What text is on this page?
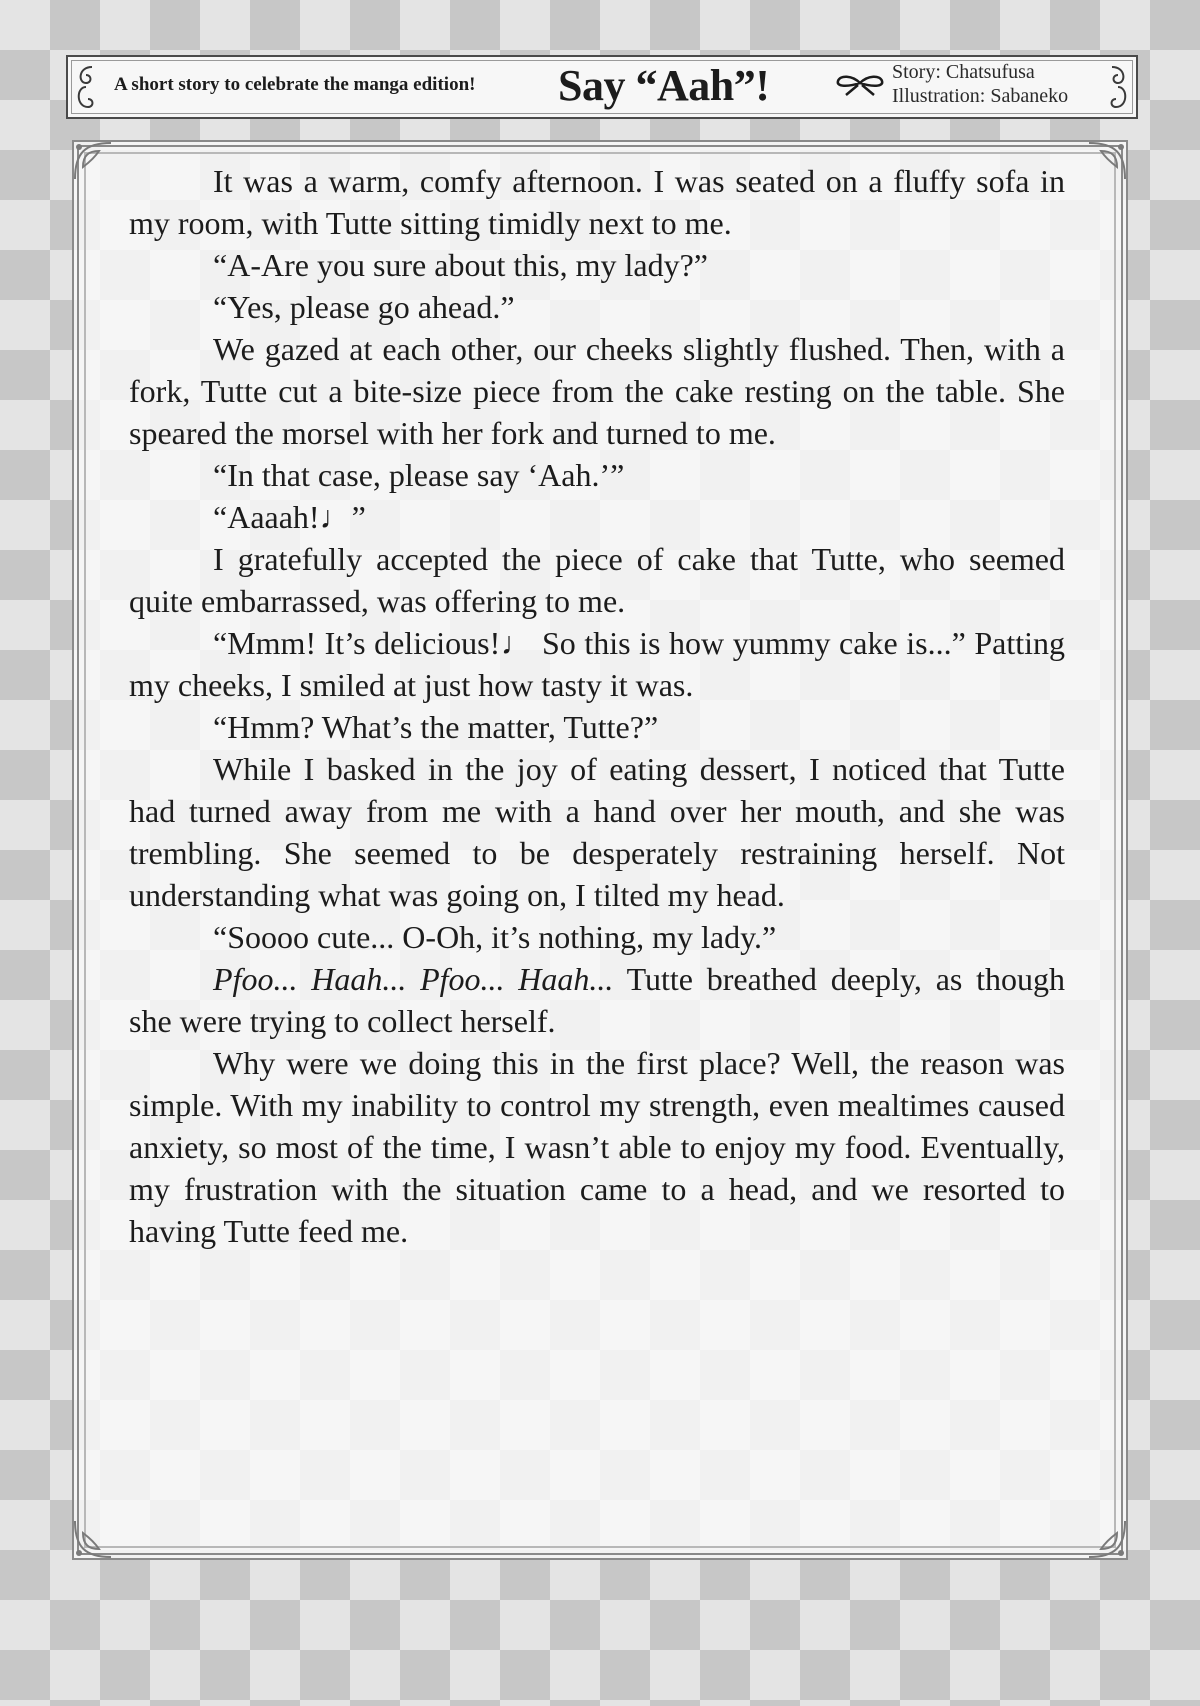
A short story to celebrate the manga edition! Say “Aah”!	Story: Chatsufusa
Illustration: Sabaneko

It was a warm, comfy afternoon. I was seated on a fluffy sofa in my room, with Tutte sitting timidly next to me.

“A-Are you sure about this, my lady?”

“Yes, please go ahead.”

We gazed at each other, our cheeks slightly flushed. Then, with a fork, Tutte cut a bite-size piece from the cake resting on the table. She speared the morsel with her fork and turned to me.

“In that case, please say ‘Aah.’”

“Aaaah!♩”

I gratefully accepted the piece of cake that Tutte, who seemed quite embarrassed, was offering to me.

“Mmm! It’s delicious!♩ So this is how yummy cake is...” Patting my cheeks, I smiled at just how tasty it was.

“Hmm? What’s the matter, Tutte?”

While I basked in the joy of eating dessert, I noticed that Tutte had turned away from me with a hand over her mouth, and she was trembling. She seemed to be desperately restraining herself. Not understanding what was going on, I tilted my head.

“Soooo cute... O-Oh, it’s nothing, my lady.”

Pfoo... Haah... Pfoo... Haah... Tutte breathed deeply, as though she were trying to collect herself.

Why were we doing this in the first place? Well, the reason was simple. With my inability to control my strength, even mealtimes caused anxiety, so most of the time, I wasn’t able to enjoy my food. Eventually, my frustration with the situation came to a head, and we resorted to having Tutte feed me.
